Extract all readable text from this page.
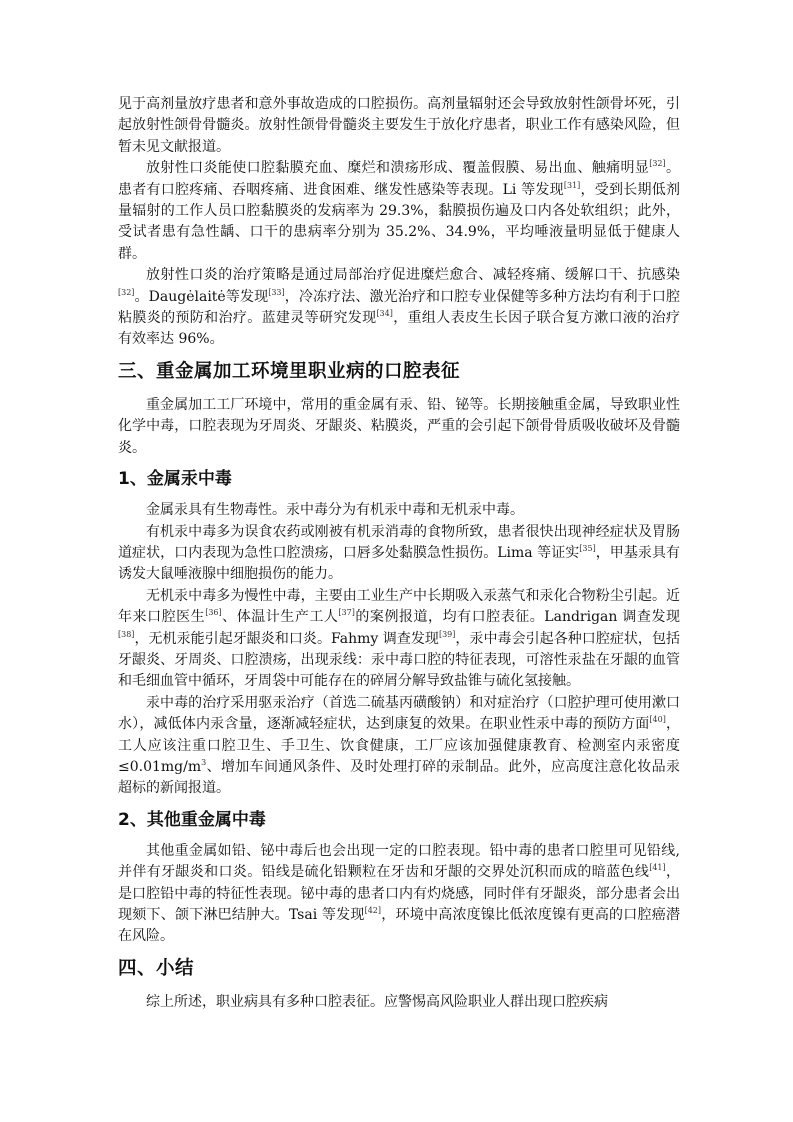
见于高剂量放疗患者和意外事故造成的口腔损伤。高剂量辐射还会导致放射性颌骨坏死，引起放射性颌骨骨髓炎。放射性颌骨骨髓炎主要发生于放化疗患者，职业工作有感染风险，但暂未见文献报道。

放射性口炎能使口腔黏膜充血、糜烂和溃疡形成、覆盖假膜、易出血、触痛明显[32]。患者有口腔疼痛、吞咽疼痛、进食困难、继发性感染等表现。Li 等发现[31]，受到长期低剂量辐射的工作人员口腔黏膜炎的发病率为 29.3%，黏膜损伤遍及口内各处软组织；此外，受试者患有急性龋、口干的患病率分别为 35.2%、34.9%，平均唾液量明显低于健康人群。

放射性口炎的治疗策略是通过局部治疗促进糜烂愈合、减轻疼痛、缓解口干、抗感染[32]。Daugėlaitė等发现[33]，冷冻疗法、激光治疗和口腔专业保健等多种方法均有利于口腔粘膜炎的预防和治疗。蓝建灵等研究发现[34]，重组人表皮生长因子联合复方漱口液的治疗有效率达 96%。

三、重金属加工环境里职业病的口腔表征

重金属加工工厂环境中，常用的重金属有汞、铅、铋等。长期接触重金属，导致职业性化学中毒，口腔表现为牙周炎、牙龈炎、粘膜炎，严重的会引起下颌骨骨质吸收破坏及骨髓炎。

1、金属汞中毒

金属汞具有生物毒性。汞中毒分为有机汞中毒和无机汞中毒。

有机汞中毒多为误食农药或刚被有机汞消毒的食物所致，患者很快出现神经症状及胃肠道症状，口内表现为急性口腔溃疡，口唇多处黏膜急性损伤。Lima 等证实[35]，甲基汞具有诱发大鼠唾液腺中细胞损伤的能力。

无机汞中毒多为慢性中毒，主要由工业生产中长期吸入汞蒸气和汞化合物粉尘引起。近年来口腔医生[36]、体温计生产工人[37]的案例报道，均有口腔表征。Landrigan 调查发现[38]，无机汞能引起牙龈炎和口炎。Fahmy 调查发现[39]，汞中毒会引起各种口腔症状，包括牙龈炎、牙周炎、口腔溃疡，出现汞线：汞中毒口腔的特征表现，可溶性汞盐在牙龈的血管和毛细血管中循环，牙周袋中可能存在的碎屑分解导致盐锥与硫化氢接触。

汞中毒的治疗采用驱汞治疗（首选二硫基丙磺酸钠）和对症治疗（口腔护理可使用漱口水），减低体内汞含量，逐渐减轻症状，达到康复的效果。在职业性汞中毒的预防方面[40]，工人应该注重口腔卫生、手卫生、饮食健康，工厂应该加强健康教育、检测室内汞密度$\le 0.01mg/m^3$、增加车间通风条件、及时处理打碎的汞制品。此外，应高度注意化妆品汞超标的新闻报道。

2、其他重金属中毒

其他重金属如铅、铋中毒后也会出现一定的口腔表现。铅中毒的患者口腔里可见铅线,并伴有牙龈炎和口炎。铅线是硫化铅颗粒在牙齿和牙龈的交界处沉积而成的暗蓝色线[41]，是口腔铅中毒的特征性表现。铋中毒的患者口内有灼烧感，同时伴有牙龈炎，部分患者会出现颏下、颌下淋巴结肿大。Tsai 等发现[42]，环境中高浓度镍比低浓度镍有更高的口腔癌潜在风险。

四、小结

综上所述，职业病具有多种口腔表征。应警惕高风险职业人群出现口腔疾病
